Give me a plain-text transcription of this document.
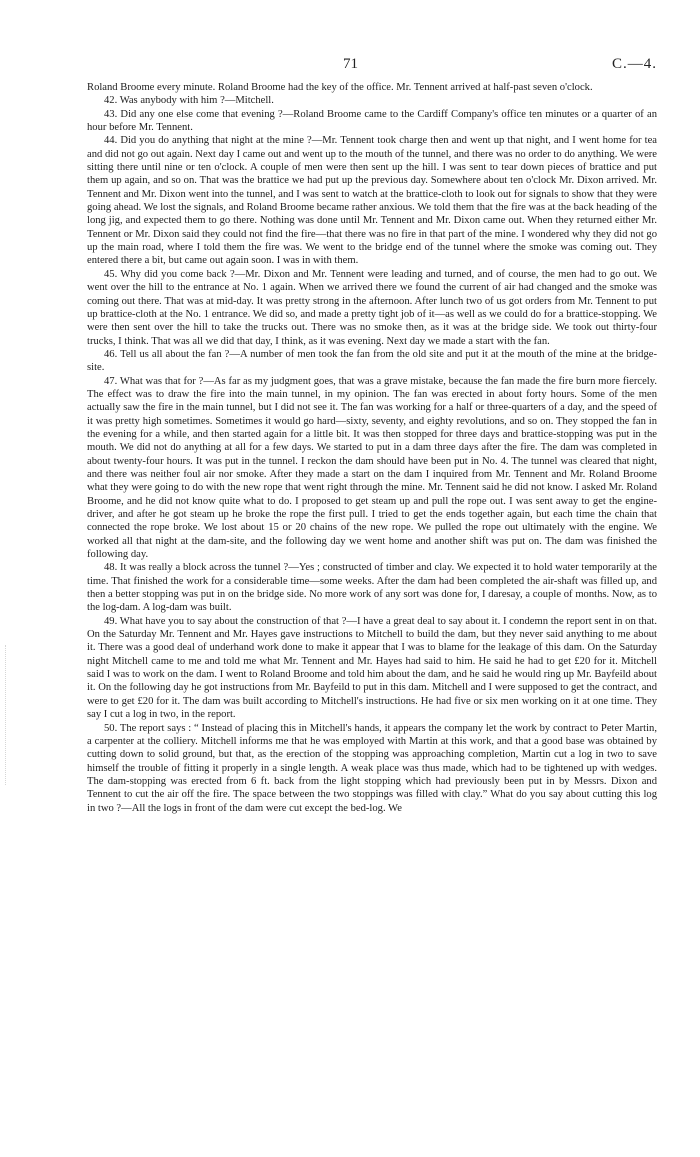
71	C.—4.

Roland Broome every minute. Roland Broome had the key of the office. Mr. Tennent arrived at half-past seven o'clock.

42. Was anybody with him ?—Mitchell.

43. Did any one else come that evening ?—Roland Broome came to the Cardiff Company's office ten minutes or a quarter of an hour before Mr. Tennent.

44. Did you do anything that night at the mine ?—Mr. Tennent took charge then and went up that night, and I went home for tea and did not go out again. Next day I came out and went up to the mouth of the tunnel, and there was no order to do anything. We were sitting there until nine or ten o'clock. A couple of men were then sent up the hill. I was sent to tear down pieces of brattice and put them up again, and so on. That was the brattice we had put up the previous day. Somewhere about ten o'clock Mr. Dixon arrived. Mr. Tennent and Mr. Dixon went into the tunnel, and I was sent to watch at the brattice-cloth to look out for signals to show that they were going ahead. We lost the signals, and Roland Broome became rather anxious. We told them that the fire was at the back heading of the long jig, and expected them to go there. Nothing was done until Mr. Tennent and Mr. Dixon came out. When they returned either Mr. Tennent or Mr. Dixon said they could not find the fire—that there was no fire in that part of the mine. I wondered why they did not go up the main road, where I told them the fire was. We went to the bridge end of the tunnel where the smoke was coming out. They entered there a bit, but came out again soon. I was in with them.

45. Why did you come back ?—Mr. Dixon and Mr. Tennent were leading and turned, and of course, the men had to go out. We went over the hill to the entrance at No. 1 again. When we arrived there we found the current of air had changed and the smoke was coming out there. That was at mid-day. It was pretty strong in the afternoon. After lunch two of us got orders from Mr. Tennent to put up brattice-cloth at the No. 1 entrance. We did so, and made a pretty tight job of it—as well as we could do for a brattice-stopping. We were then sent over the hill to take the trucks out. There was no smoke then, as it was at the bridge side. We took out thirty-four trucks, I think. That was all we did that day, I think, as it was evening. Next day we made a start with the fan.

46. Tell us all about the fan ?—A number of men took the fan from the old site and put it at the mouth of the mine at the bridge-site.

47. What was that for ?—As far as my judgment goes, that was a grave mistake, because the fan made the fire burn more fiercely. The effect was to draw the fire into the main tunnel, in my opinion. The fan was erected in about forty hours. Some of the men actually saw the fire in the main tunnel, but I did not see it. The fan was working for a half or three-quarters of a day, and the speed of it was pretty high sometimes. Sometimes it would go hard—sixty, seventy, and eighty revolutions, and so on. They stopped the fan in the evening for a while, and then started again for a little bit. It was then stopped for three days and brattice-stopping was put in the mouth. We did not do anything at all for a few days. We started to put in a dam three days after the fire. The dam was completed in about twenty-four hours. It was put in the tunnel. I reckon the dam should have been put in No. 4. The tunnel was cleared that night, and there was neither foul air nor smoke. After they made a start on the dam I inquired from Mr. Tennent and Mr. Roland Broome what they were going to do with the new rope that went right through the mine. Mr. Tennent said he did not know. I asked Mr. Roland Broome, and he did not know quite what to do. I proposed to get steam up and pull the rope out. I was sent away to get the engine-driver, and after he got steam up he broke the rope the first pull. I tried to get the ends together again, but each time the chain that connected the rope broke. We lost about 15 or 20 chains of the new rope. We pulled the rope out ultimately with the engine. We worked all that night at the dam-site, and the following day we went home and another shift was put on. The dam was finished the following day.

48. It was really a block across the tunnel ?—Yes ; constructed of timber and clay. We expected it to hold water temporarily at the time. That finished the work for a considerable time—some weeks. After the dam had been completed the air-shaft was filled up, and then a better stopping was put in on the bridge side. No more work of any sort was done for, I daresay, a couple of months. Now, as to the log-dam. A log-dam was built.

49. What have you to say about the construction of that ?—I have a great deal to say about it. I condemn the report sent in on that. On the Saturday Mr. Tennent and Mr. Hayes gave instructions to Mitchell to build the dam, but they never said anything to me about it. There was a good deal of underhand work done to make it appear that I was to blame for the leakage of this dam. On the Saturday night Mitchell came to me and told me what Mr. Tennent and Mr. Hayes had said to him. He said he had to get £20 for it. Mitchell said I was to work on the dam. I went to Roland Broome and told him about the dam, and he said he would ring up Mr. Bayfeild about it. On the following day he got instructions from Mr. Bayfeild to put in this dam. Mitchell and I were supposed to get the contract, and were to get £20 for it. The dam was built according to Mitchell's instructions. He had five or six men working on it at one time. They say I cut a log in two, in the report.

50. The report says : “ Instead of placing this in Mitchell's hands, it appears the company let the work by contract to Peter Martin, a carpenter at the colliery. Mitchell informs me that he was employed with Martin at this work, and that a good base was obtained by cutting down to solid ground, but that, as the erection of the stopping was approaching completion, Martin cut a log in two to save himself the trouble of fitting it properly in a single length. A weak place was thus made, which had to be tightened up with wedges. The dam-stopping was erected from 6 ft. back from the light stopping which had previously been put in by Messrs. Dixon and Tennent to cut the air off the fire. The space between the two stoppings was filled with clay.” What do you say about cutting this log in two ?—All the logs in front of the dam were cut except the bed-log. We
